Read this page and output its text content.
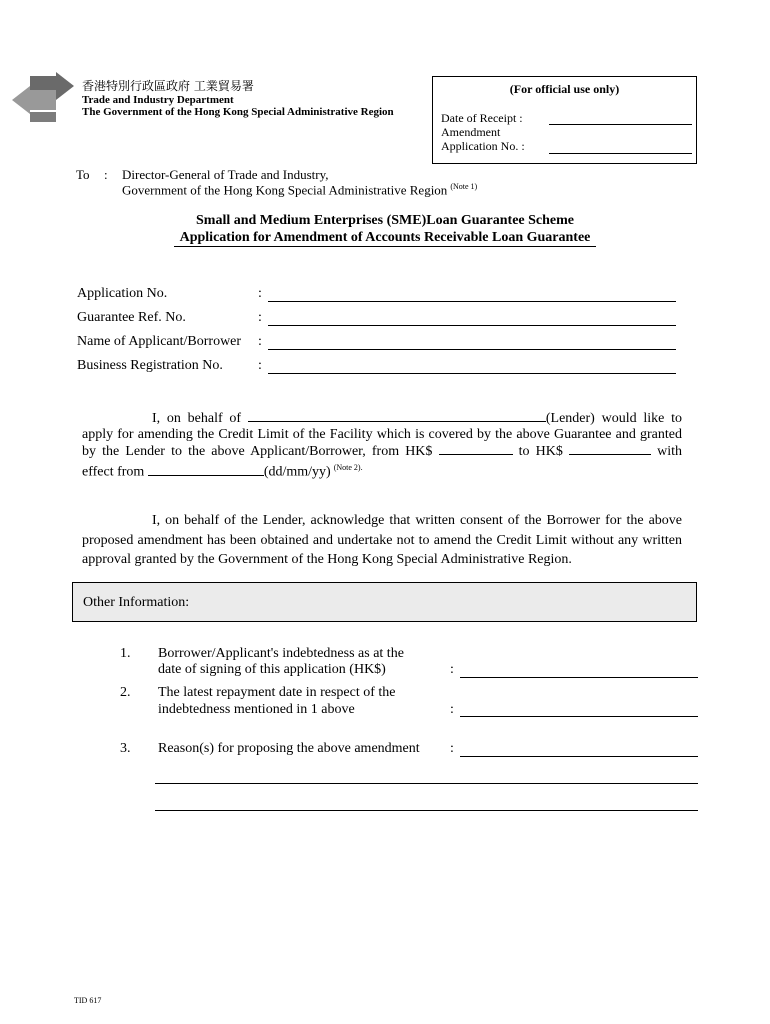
香港特別行政區政府 工業貿易署
Trade and Industry Department
The Government of the Hong Kong Special Administrative Region
(For official use only)
Date of Receipt :
Amendment
Application No. :
To : Director-General of Trade and Industry,
Government of the Hong Kong Special Administrative Region $^{(Note 1)}$
Small and Medium Enterprises (SME)Loan Guarantee Scheme
Application for Amendment of Accounts Receivable Loan Guarantee
Application No.	:
Guarantee Ref. No.	:
Name of Applicant/Borrower :
Business Registration No.	:
I, on behalf of	(Lender) would like to apply for amending the Credit Limit of the Facility which is covered by the above Guarantee and granted by the Lender to the above Applicant/Borrower, from HK$	to HK$	with effect from	(dd/mm/yy) $^{(Note 2).}$
I, on behalf of the Lender, acknowledge that written consent of the Borrower for the above proposed amendment has been obtained and undertake not to amend the Credit Limit without any written approval granted by the Government of the Hong Kong Special Administrative Region.
Other Information:
1. Borrower/Applicant's indebtedness as at the
date of signing of this application (HK$)	:
2. The latest repayment date in respect of the
indebtedness mentioned in 1 above	:
3. Reason(s) for proposing the above amendment :
TID 617
